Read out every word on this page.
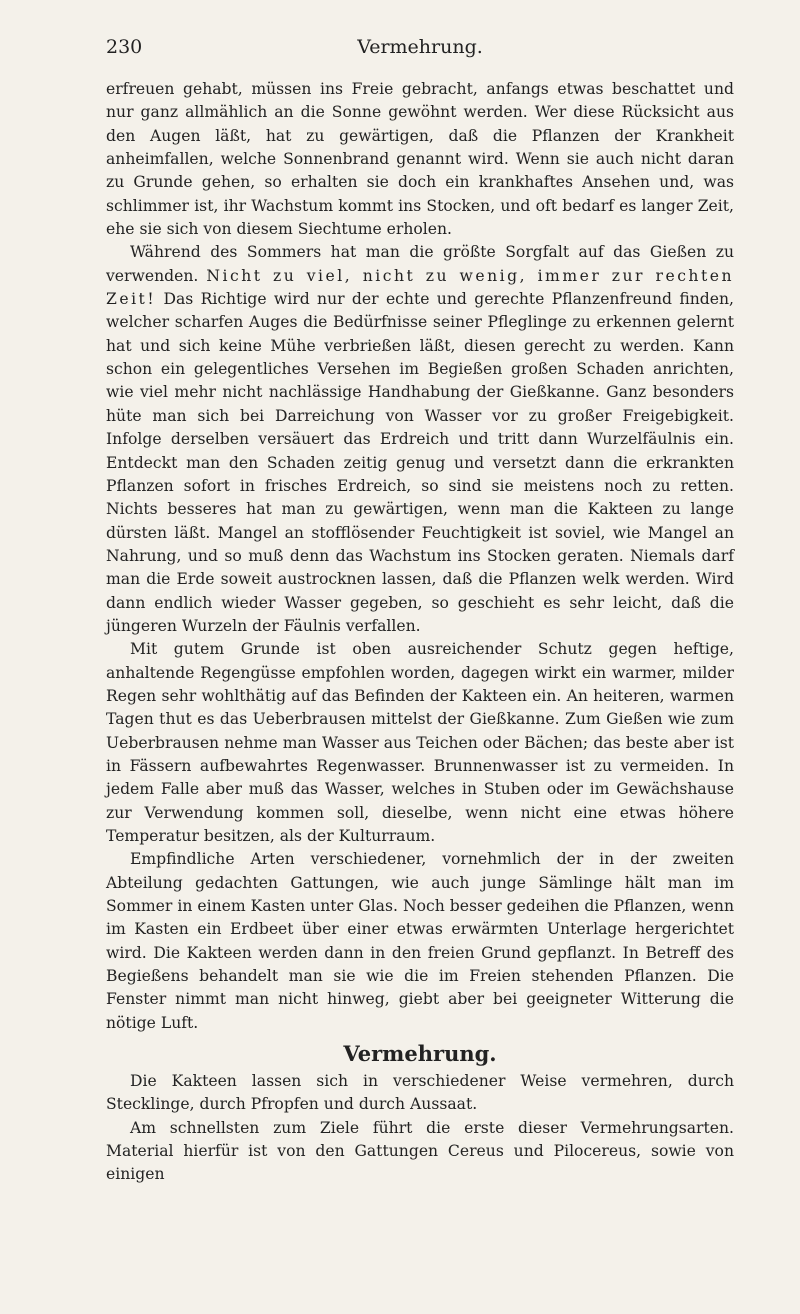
230	Vermehrung.

erfreuen gehabt, müssen ins Freie gebracht, anfangs etwas beschattet und nur ganz allmählich an die Sonne gewöhnt werden. Wer diese Rücksicht aus den Augen läßt, hat zu gewärtigen, daß die Pflanzen der Krankheit anheimfallen, welche Sonnenbrand genannt wird. Wenn sie auch nicht daran zu Grunde gehen, so erhalten sie doch ein krankhaftes Ansehen und, was schlimmer ist, ihr Wachstum kommt ins Stocken, und oft bedarf es langer Zeit, ehe sie sich von diesem Siechtume erholen.

Während des Sommers hat man die größte Sorgfalt auf das Gießen zu verwenden. Nicht zu viel, nicht zu wenig, immer zur rechten Zeit! Das Richtige wird nur der echte und gerechte Pflanzenfreund finden, welcher scharfen Auges die Bedürfnisse seiner Pfleglinge zu erkennen gelernt hat und sich keine Mühe verbrießen läßt, diesen gerecht zu werden. Kann schon ein gelegentliches Versehen im Begießen großen Schaden anrichten, wie viel mehr nicht nachlässige Handhabung der Gießkanne. Ganz besonders hüte man sich bei Darreichung von Wasser vor zu großer Freigebigkeit. Infolge derselben versäuert das Erdreich und tritt dann Wurzelfäulnis ein. Entdeckt man den Schaden zeitig genug und versetzt dann die erkrankten Pflanzen sofort in frisches Erdreich, so sind sie meistens noch zu retten. Nichts besseres hat man zu gewärtigen, wenn man die Kakteen zu lange dürsten läßt. Mangel an stofflösender Feuchtigkeit ist soviel, wie Mangel an Nahrung, und so muß denn das Wachstum ins Stocken geraten. Niemals darf man die Erde soweit austrocknen lassen, daß die Pflanzen welk werden. Wird dann endlich wieder Wasser gegeben, so geschieht es sehr leicht, daß die jüngeren Wurzeln der Fäulnis verfallen.

Mit gutem Grunde ist oben ausreichender Schutz gegen heftige, anhaltende Regengüsse empfohlen worden, dagegen wirkt ein warmer, milder Regen sehr wohlthätig auf das Befinden der Kakteen ein. An heiteren, warmen Tagen thut es das Ueberbrausen mittelst der Gießkanne. Zum Gießen wie zum Ueberbrausen nehme man Wasser aus Teichen oder Bächen; das beste aber ist in Fässern aufbewahrtes Regenwasser. Brunnenwasser ist zu vermeiden. In jedem Falle aber muß das Wasser, welches in Stuben oder im Gewächshause zur Verwendung kommen soll, dieselbe, wenn nicht eine etwas höhere Temperatur besitzen, als der Kulturraum.

Empfindliche Arten verschiedener, vornehmlich der in der zweiten Abteilung gedachten Gattungen, wie auch junge Sämlinge hält man im Sommer in einem Kasten unter Glas. Noch besser gedeihen die Pflanzen, wenn im Kasten ein Erdbeet über einer etwas erwärmten Unterlage hergerichtet wird. Die Kakteen werden dann in den freien Grund gepflanzt. In Betreff des Begießens behandelt man sie wie die im Freien stehenden Pflanzen. Die Fenster nimmt man nicht hinweg, giebt aber bei geeigneter Witterung die nötige Luft.

Vermehrung.

Die Kakteen lassen sich in verschiedener Weise vermehren, durch Stecklinge, durch Pfropfen und durch Aussaat.

Am schnellsten zum Ziele führt die erste dieser Vermehrungsarten. Material hierfür ist von den Gattungen Cereus und Pilocereus, sowie von einigen
